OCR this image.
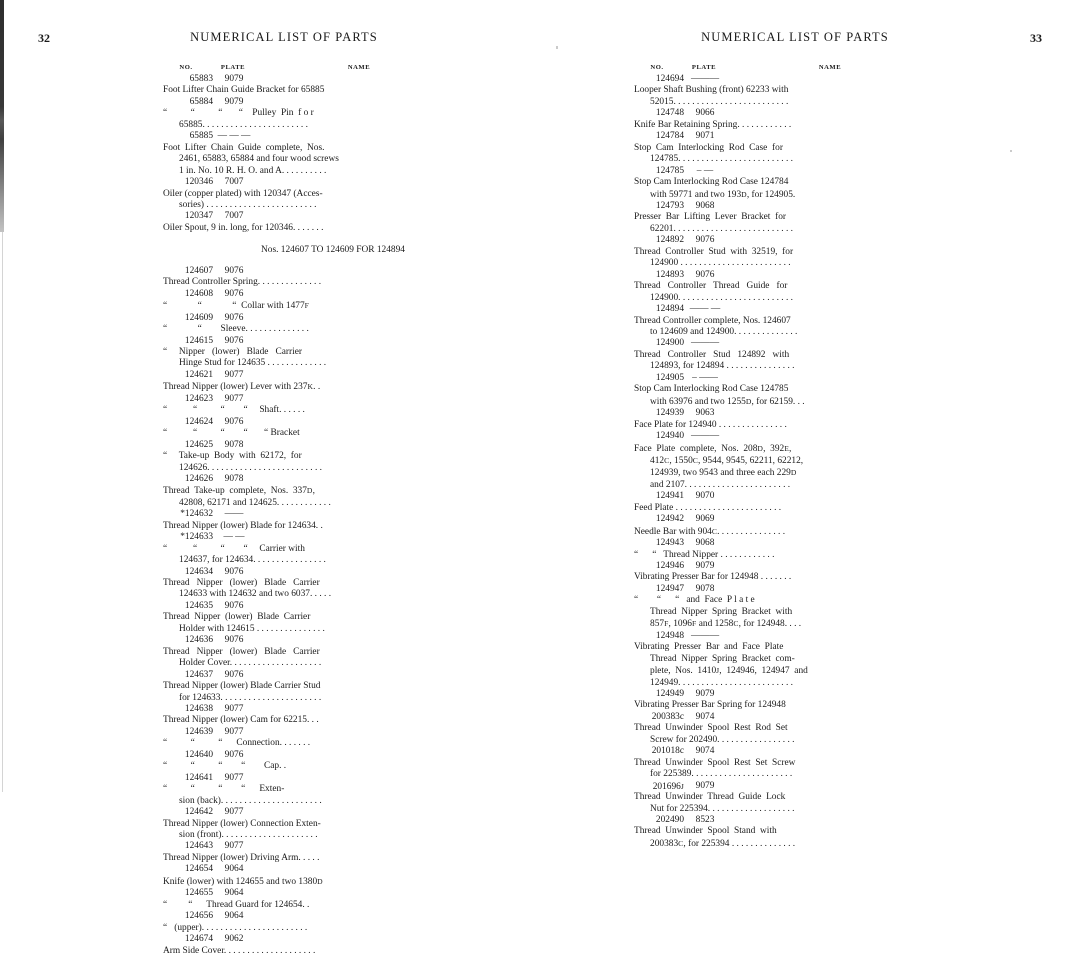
32	NUMERICAL LIST OF PARTS
NO.	PLATE	NAME
65883	9079
Foot Lifter Chain Guide Bracket for 65885
65884	9079
“          “          “       “    Pulley  Pin  f o r
65885. . . . . . . . . . . . . . . . . . . . . . .
65885 — — —
Foot  Lifter  Chain  Guide  complete,  Nos.
2461, 65883, 65884 and four wood screws
1 in. No. 10 R. H. O. and A. . . . . . . . . .
120346	7007
Oiler (copper plated) with 120347 (Acces-
sories) . . . . . . . . . . . . . . . . . . . . . . . .
120347	7007
Oiler Spout, 9 in. long, for 120346. . . . . . .
Nos. 124607 TO 124609 FOR 124894
124607	9076
Thread Controller Spring. . . . . . . . . . . . . .
124608	9076
“             “             “  Collar with 1477F
124609	9076
“             “        Sleeve. . . . . . . . . . . . . .
124615	9076
“     Nipper   (lower)   Blade   Carrier
Hinge Stud for 124635 . . . . . . . . . . . . .
124621	9077
Thread Nipper (lower) Lever with 237K. .
124623	9077
“           “          “        “     Shaft. . . . . .
124624	9076
“           “          “        “       “ Bracket
124625	9078
“     Take-up  Body  with  62172,  for
124626. . . . . . . . . . . . . . . . . . . . . . . . .
124626	9078
Thread  Take-up  complete,  Nos.  337D,
42808, 62171 and 124625. . . . . . . . . . . .
*124632	——
Thread Nipper (lower) Blade for 124634. .
*124633	— —
“           “          “        “     Carrier with
124637, for 124634. . . . . . . . . . . . . . . .
124634	9076
Thread   Nipper   (lower)   Blade   Carrier
124633 with 124632 and two 6037. . . . .
124635	9076
Thread  Nipper  (lower)  Blade  Carrier
Holder with 124615 . . . . . . . . . . . . . . .
124636	9076
Thread   Nipper   (lower)   Blade   Carrier
Holder Cover. . . . . . . . . . . . . . . . . . . .
124637	9076
Thread Nipper (lower) Blade Carrier Stud
for 124633. . . . . . . . . . . . . . . . . . . . . .
124638	9077
Thread Nipper (lower) Cam for 62215. . .
124639	9077
“          “          “      Connection. . . . . . .
124640	9076
“          “          “        “        Cap. .
124641	9077
“          “          “        “      Exten-
sion (back). . . . . . . . . . . . . . . . . . . . . .
124642	9077
Thread Nipper (lower) Connection Exten-
sion (front). . . . . . . . . . . . . . . . . . . . .
124643	9077
Thread Nipper (lower) Driving Arm. . . . .
124654	9064
Knife (lower) with 124655 and two 1380D
124655	9064
“         “      Thread Guard for 124654. .
124656	9064
“   (upper). . . . . . . . . . . . . . . . . . . . . . .
124674	9062
Arm Side Cover. . . . . . . . . . . . . . . . . . . .
NUMERICAL LIST OF PARTS	33
NO.	PLATE	NAME
124694 ———
Looper Shaft Bushing (front) 62233 with
52015. . . . . . . . . . . . . . . . . . . . . . . . .
124748	9066
Knife Bar Retaining Spring. . . . . . . . . . . .
124784	9071
Stop  Cam  Interlocking  Rod  Case  for
124785. . . . . . . . . . . . . . . . . . . . . . . . .
124785	– ––
Stop Cam Interlocking Rod Case 124784
with 59771 and two 193D, for 124905.
124793	9068
Presser  Bar  Lifting  Lever  Bracket  for
62201. . . . . . . . . . . . . . . . . . . . . . . . . .
124892	9076
Thread  Controller  Stud  with  32519,  for
124900 . . . . . . . . . . . . . . . . . . . . . . . .
124893	9076
Thread   Controller   Thread   Guide   for
124900. . . . . . . . . . . . . . . . . . . . . . . . .
124894 —— —
Thread Controller complete, Nos. 124607
to 124609 and 124900. . . . . . . . . . . . . .
124900 ———
Thread   Controller   Stud   124892   with
124893, for 124894 . . . . . . . . . . . . . . .
124905 – ——
Stop Cam Interlocking Rod Case 124785
with 63976 and two 1255D, for 62159. . .
124939	9063
Face Plate for 124940 . . . . . . . . . . . . . . .
124940 ———
Face  Plate  complete,  Nos.  208D,  392E,
412C, 1550C, 9544, 9545, 62211, 62212,
124939, two 9543 and three each 229D
and 2107. . . . . . . . . . . . . . . . . . . . . . .
124941	9070
Feed Plate . . . . . . . . . . . . . . . . . . . . . . .
124942	9069
Needle Bar with 904C. . . . . . . . . . . . . . .
124943	9068
“      “   Thread Nipper . . . . . . . . . . . .
124946	9079
Vibrating Presser Bar for 124948 . . . . . . .
124947	9078
“        “      “   and  Face  P l a t e
Thread  Nipper  Spring  Bracket  with
857F, 1096F and 1258C, for 124948. . . .
124948 ———
Vibrating  Presser  Bar  and  Face  Plate
Thread  Nipper  Spring  Bracket  com-
plete,  Nos.  1410J,  124946,  124947  and
124949. . . . . . . . . . . . . . . . . . . . . . . . .
124949	9079
Vibrating Presser Bar Spring for 124948
200383c	9074
Thread  Unwinder  Spool  Rest  Rod  Set
Screw for 202490. . . . . . . . . . . . . . . . .
201018c	9074
Thread  Unwinder  Spool  Rest  Set  Screw
for 225389. . . . . . . . . . . . . . . . . . . . . .
201696J	9079
Thread  Unwinder  Thread  Guide  Lock
Nut for 225394. . . . . . . . . . . . . . . . . . .
202490	8523
Thread  Unwinder  Spool  Stand  with
200383C, for 225394 . . . . . . . . . . . . . .
